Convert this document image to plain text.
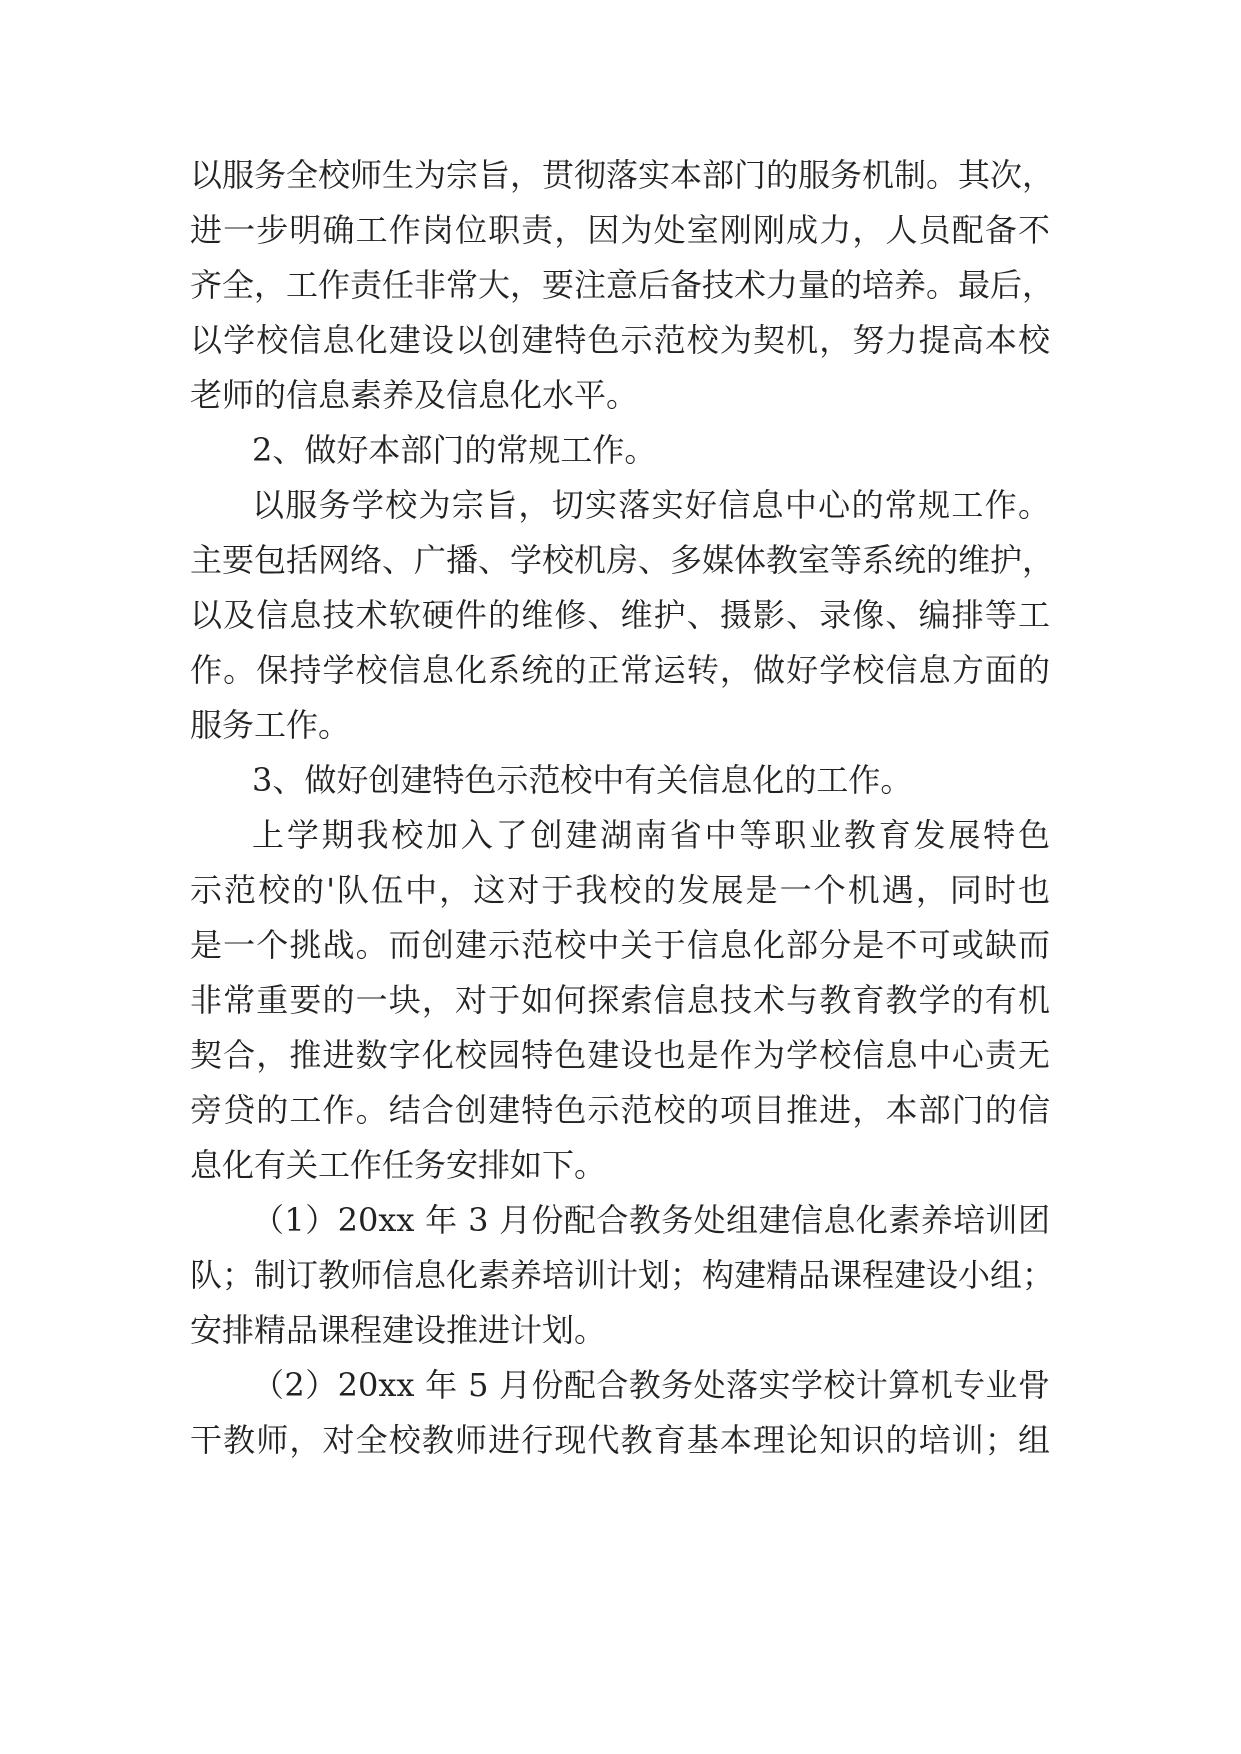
以服务全校师生为宗旨，贯彻落实本部门的服务机制。其次，
进一步明确工作岗位职责，因为处室刚刚成力，人员配备不
齐全，工作责任非常大，要注意后备技术力量的培养。最后，
以学校信息化建设以创建特色示范校为契机，努力提高本校
老师的信息素养及信息化水平。
2、做好本部门的常规工作。
以服务学校为宗旨，切实落实好信息中心的常规工作。
主要包括网络、广播、学校机房、多媒体教室等系统的维护，
以及信息技术软硬件的维修、维护、摄影、录像、编排等工
作。保持学校信息化系统的正常运转，做好学校信息方面的
服务工作。
3、做好创建特色示范校中有关信息化的工作。
上学期我校加入了创建湖南省中等职业教育发展特色
示范校的'队伍中，这对于我校的发展是一个机遇，同时也
是一个挑战。而创建示范校中关于信息化部分是不可或缺而
非常重要的一块，对于如何探索信息技术与教育教学的有机
契合，推进数字化校园特色建设也是作为学校信息中心责无
旁贷的工作。结合创建特色示范校的项目推进，本部门的信
息化有关工作任务安排如下。
（1）20xx 年 3 月份配合教务处组建信息化素养培训团
队；制订教师信息化素养培训计划；构建精品课程建设小组；
安排精品课程建设推进计划。
（2）20xx 年 5 月份配合教务处落实学校计算机专业骨
干教师，对全校教师进行现代教育基本理论知识的培训；组
